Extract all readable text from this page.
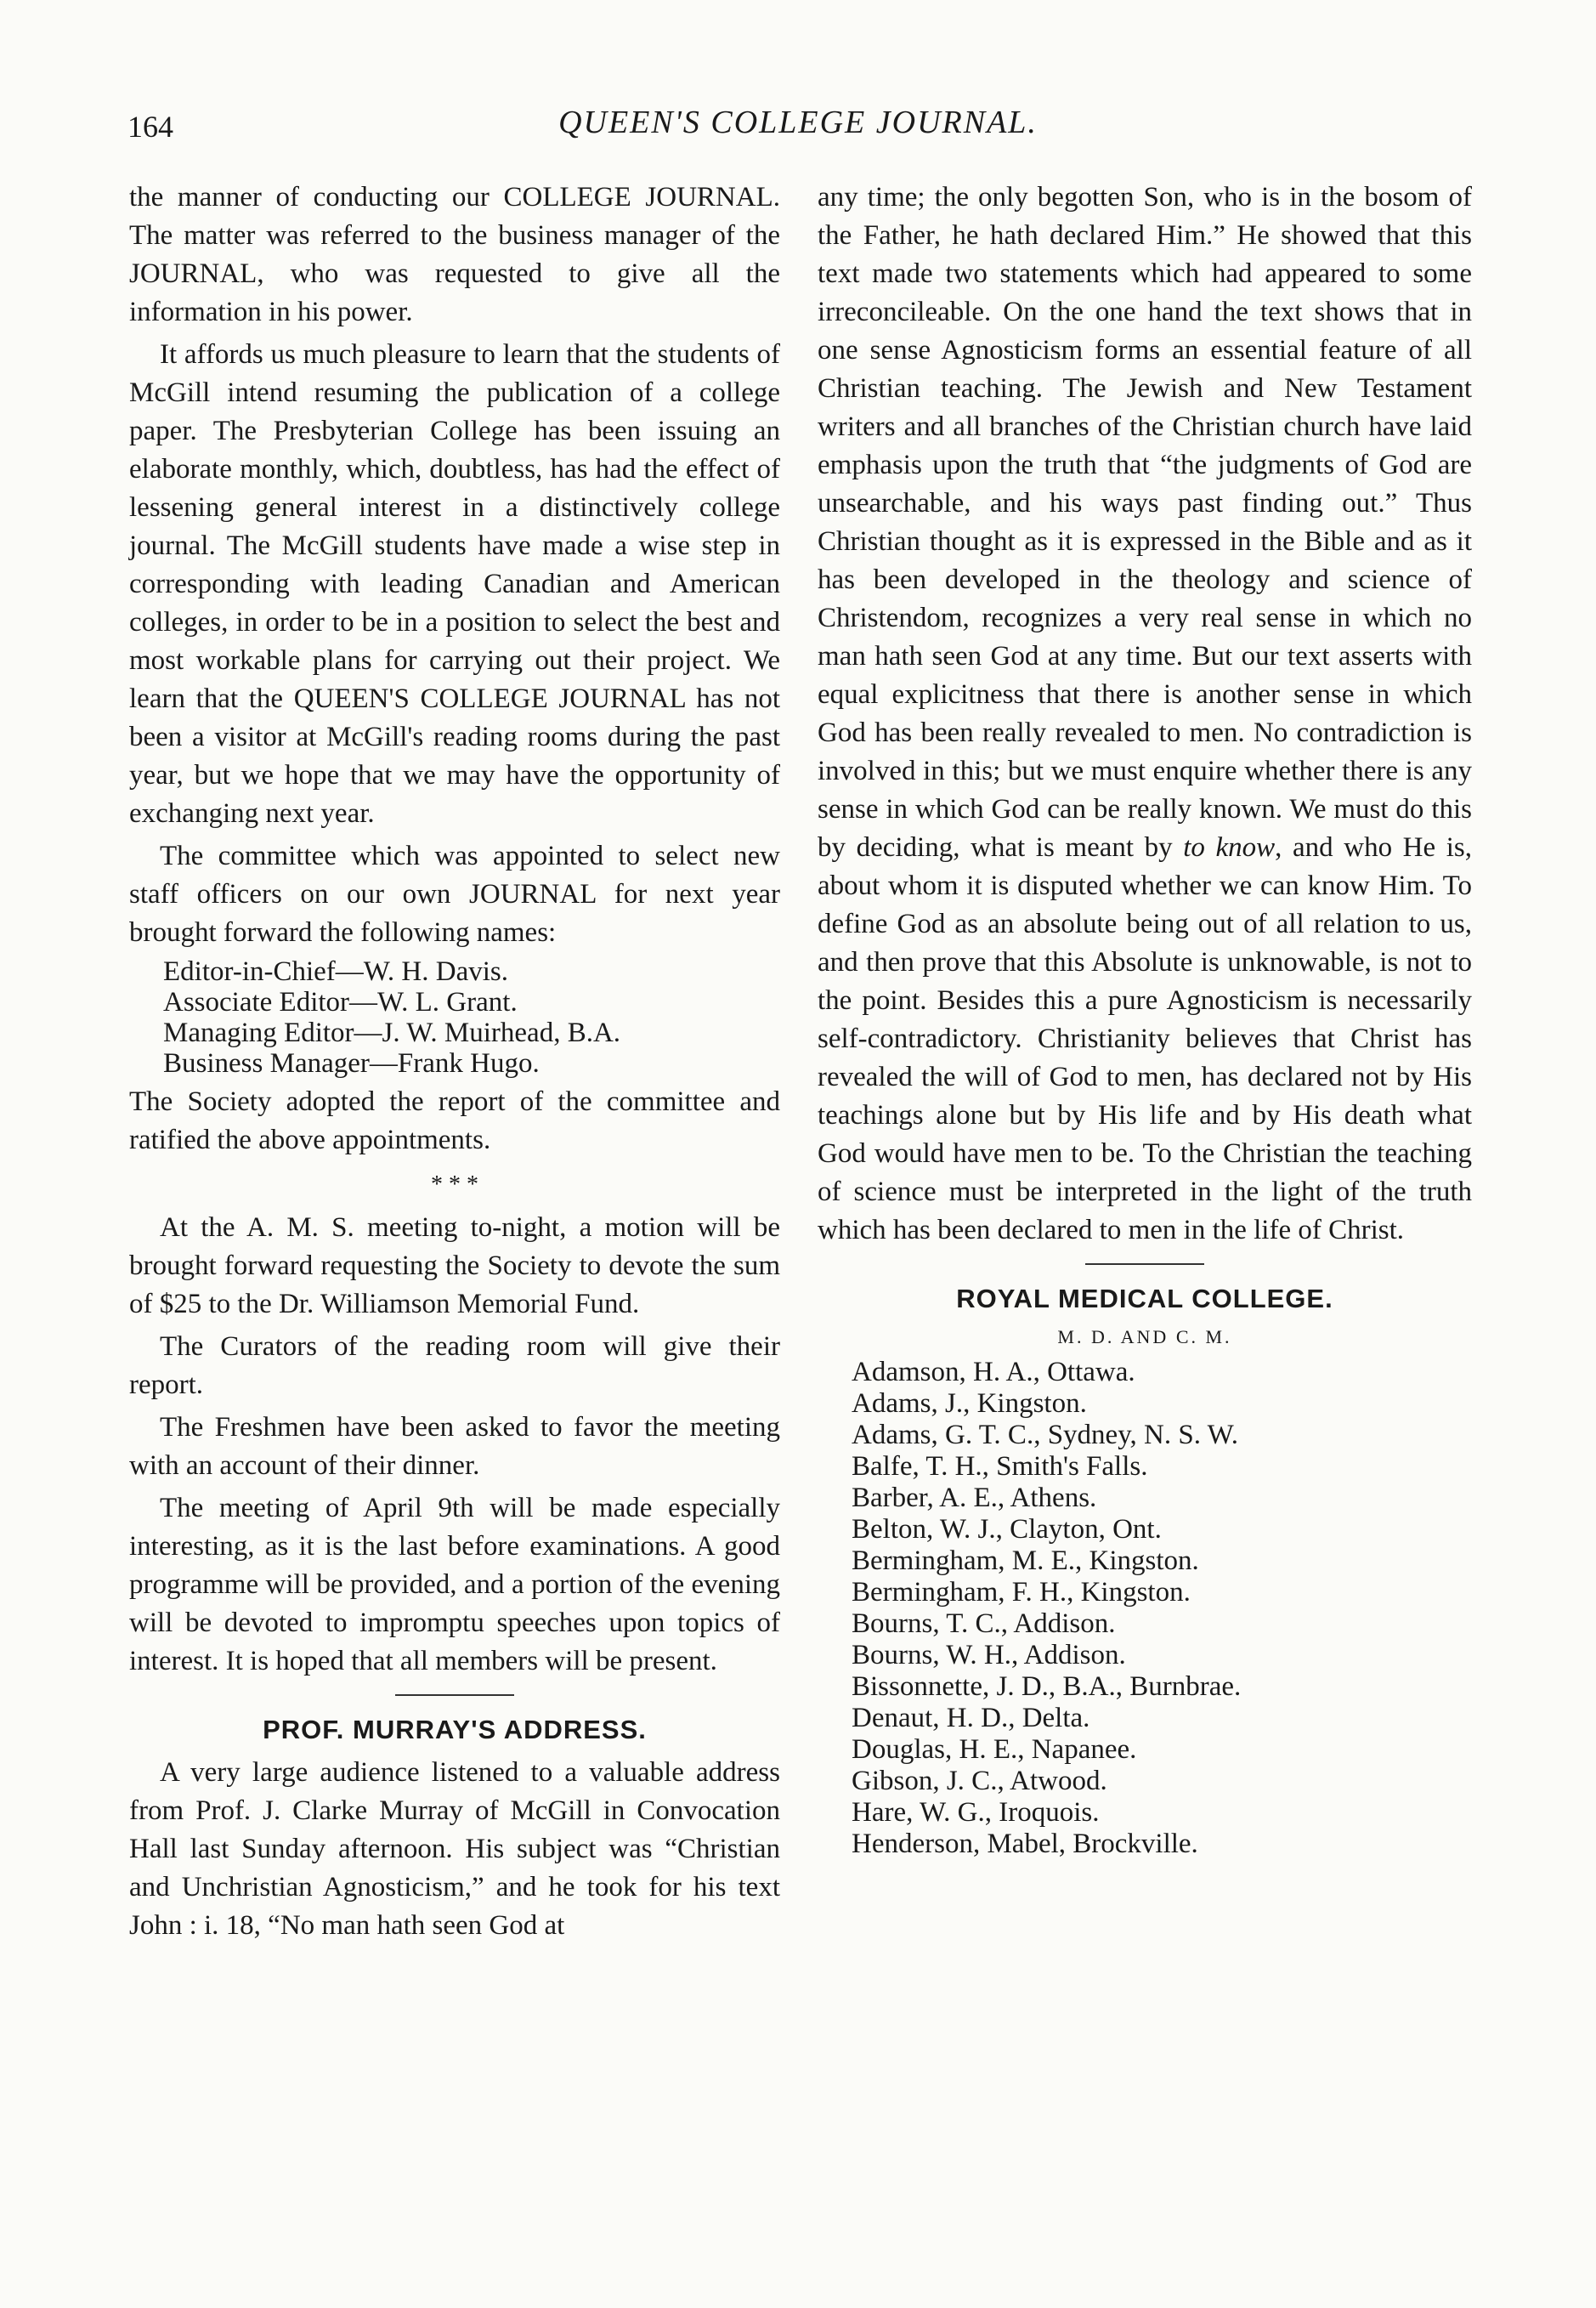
164	QUEEN'S COLLEGE JOURNAL.

the manner of conducting our COLLEGE JOURNAL. The matter was referred to the business manager of the JOURNAL, who was requested to give all the information in his power.

It affords us much pleasure to learn that the students of McGill intend resuming the publication of a college paper. The Presbyterian College has been issuing an elaborate monthly, which, doubtless, has had the effect of lessening general interest in a distinctively college journal. The McGill students have made a wise step in corresponding with leading Canadian and American colleges, in order to be in a position to select the best and most workable plans for carrying out their project. We learn that the QUEEN'S COLLEGE JOURNAL has not been a visitor at McGill's reading rooms during the past year, but we hope that we may have the opportunity of exchanging next year.

The committee which was appointed to select new staff officers on our own JOURNAL for next year brought forward the following names:

Editor-in-Chief—W. H. Davis.
Associate Editor—W. L. Grant.
Managing Editor—J. W. Muirhead, B.A.
Business Manager—Frank Hugo.

The Society adopted the report of the committee and ratified the above appointments.

* * *

At the A. M. S. meeting to-night, a motion will be brought forward requesting the Society to devote the sum of $25 to the Dr. Williamson Memorial Fund.

The Curators of the reading room will give their report.

The Freshmen have been asked to favor the meeting with an account of their dinner.

The meeting of April 9th will be made especially interesting, as it is the last before examinations. A good programme will be provided, and a portion of the evening will be devoted to impromptu speeches upon topics of interest. It is hoped that all members will be present.

PROF. MURRAY'S ADDRESS.

A very large audience listened to a valuable address from Prof. J. Clarke Murray of McGill in Convocation Hall last Sunday afternoon. His subject was “Christian and Unchristian Agnosticism,” and he took for his text John : i. 18, “No man hath seen God at

any time; the only begotten Son, who is in the bosom of the Father, he hath declared Him.” He showed that this text made two statements which had appeared to some irreconcileable. On the one hand the text shows that in one sense Agnosticism forms an essential feature of all Christian teaching. The Jewish and New Testament writers and all branches of the Christian church have laid emphasis upon the truth that “the judgments of God are unsearchable, and his ways past finding out.” Thus Christian thought as it is expressed in the Bible and as it has been developed in the theology and science of Christendom, recognizes a very real sense in which no man hath seen God at any time. But our text asserts with equal explicitness that there is another sense in which God has been really revealed to men. No contradiction is involved in this; but we must enquire whether there is any sense in which God can be really known. We must do this by deciding, what is meant by to know, and who He is, about whom it is disputed whether we can know Him. To define God as an absolute being out of all relation to us, and then prove that this Absolute is unknowable, is not to the point. Besides this a pure Agnosticism is necessarily self-contradictory. Christianity believes that Christ has revealed the will of God to men, has declared not by His teachings alone but by His life and by His death what God would have men to be. To the Christian the teaching of science must be interpreted in the light of the truth which has been declared to men in the life of Christ.

ROYAL MEDICAL COLLEGE.
M. D. AND C. M.
Adamson, H. A., Ottawa.
Adams, J., Kingston.
Adams, G. T. C., Sydney, N. S. W.
Balfe, T. H., Smith's Falls.
Barber, A. E., Athens.
Belton, W. J., Clayton, Ont.
Bermingham, M. E., Kingston.
Bermingham, F. H., Kingston.
Bourns, T. C., Addison.
Bourns, W. H., Addison.
Bissonnette, J. D., B.A., Burnbrae.
Denaut, H. D., Delta.
Douglas, H. E., Napanee.
Gibson, J. C., Atwood.
Hare, W. G., Iroquois.
Henderson, Mabel, Brockville.
